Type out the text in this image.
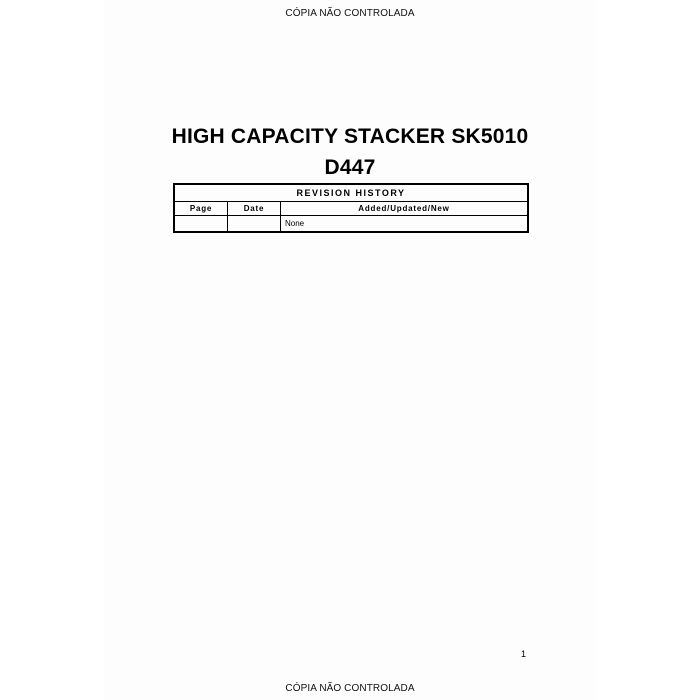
CÓPIA NÃO CONTROLADA
HIGH CAPACITY STACKER SK5010
D447
REVISION HISTORY		
Page	Date	Added/Updated/New
		None
1
CÓPIA NÃO CONTROLADA
